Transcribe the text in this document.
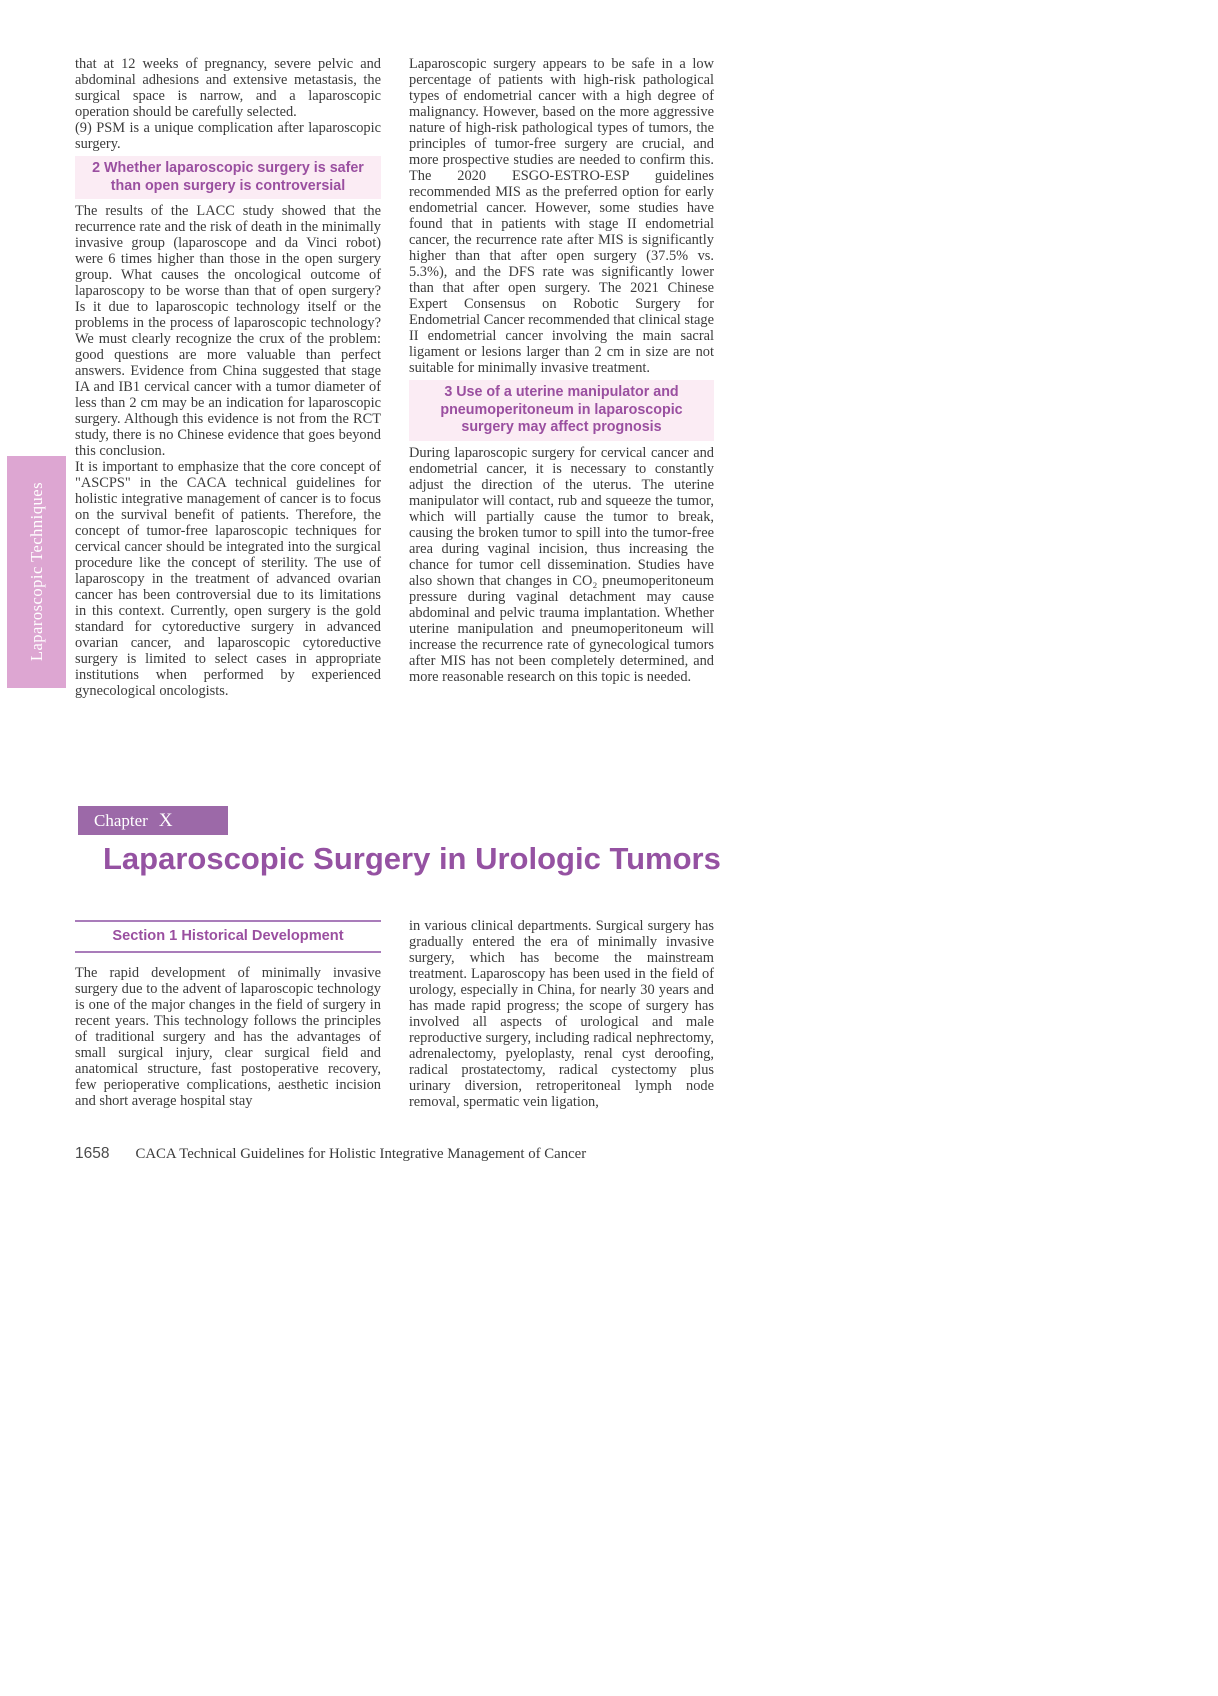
Laparoscopic Techniques

that at 12 weeks of pregnancy, severe pelvic and abdominal adhesions and extensive metastasis, the surgical space is narrow, and a laparoscopic operation should be carefully selected.

(9) PSM is a unique complication after laparoscopic surgery.

2 Whether laparoscopic surgery is safer than open surgery is controversial

The results of the LACC study showed that the recurrence rate and the risk of death in the minimally invasive group (laparoscope and da Vinci robot) were 6 times higher than those in the open surgery group. What causes the oncological outcome of laparoscopy to be worse than that of open surgery? Is it due to laparoscopic technology itself or the problems in the process of laparoscopic technology? We must clearly recognize the crux of the problem: good questions are more valuable than perfect answers. Evidence from China suggested that stage IA and IB1 cervical cancer with a tumor diameter of less than 2 cm may be an indication for laparoscopic surgery. Although this evidence is not from the RCT study, there is no Chinese evidence that goes beyond this conclusion.

It is important to emphasize that the core concept of "ASCPS" in the CACA technical guidelines for holistic integrative management of cancer is to focus on the survival benefit of patients. Therefore, the concept of tumor-free laparoscopic techniques for cervical cancer should be integrated into the surgical procedure like the concept of sterility. The use of laparoscopy in the treatment of advanced ovarian cancer has been controversial due to its limitations in this context. Currently, open surgery is the gold standard for cytoreductive surgery in advanced ovarian cancer, and laparoscopic cytoreductive surgery is limited to select cases in appropriate institutions when performed by experienced gynecological oncologists.

Laparoscopic surgery appears to be safe in a low percentage of patients with high-risk pathological types of endometrial cancer with a high degree of malignancy. However, based on the more aggressive nature of high-risk pathological types of tumors, the principles of tumor-free surgery are crucial, and more prospective studies are needed to confirm this. The 2020 ESGO-ESTRO-ESP guidelines recommended MIS as the preferred option for early endometrial cancer. However, some studies have found that in patients with stage II endometrial cancer, the recurrence rate after MIS is significantly higher than that after open surgery (37.5% vs. 5.3%), and the DFS rate was significantly lower than that after open surgery. The 2021 Chinese Expert Consensus on Robotic Surgery for Endometrial Cancer recommended that clinical stage II endometrial cancer involving the main sacral ligament or lesions larger than 2 cm in size are not suitable for minimally invasive treatment.

3 Use of a uterine manipulator and pneumoperitoneum in laparoscopic surgery may affect prognosis

During laparoscopic surgery for cervical cancer and endometrial cancer, it is necessary to constantly adjust the direction of the uterus. The uterine manipulator will contact, rub and squeeze the tumor, which will partially cause the tumor to break, causing the broken tumor to spill into the tumor-free area during vaginal incision, thus increasing the chance for tumor cell dissemination. Studies have also shown that changes in CO₂ pneumoperitoneum pressure during vaginal detachment may cause abdominal and pelvic trauma implantation. Whether uterine manipulation and pneumoperitoneum will increase the recurrence rate of gynecological tumors after MIS has not been completely determined, and more reasonable research on this topic is needed.

Chapter X
Laparoscopic Surgery in Urologic Tumors
Section 1 Historical Development

The rapid development of minimally invasive surgery due to the advent of laparoscopic technology is one of the major changes in the field of surgery in recent years. This technology follows the principles of traditional surgery and has the advantages of small surgical injury, clear surgical field and anatomical structure, fast postoperative recovery, few perioperative complications, aesthetic incision and short average hospital stay

in various clinical departments. Surgical surgery has gradually entered the era of minimally invasive surgery, which has become the mainstream treatment. Laparoscopy has been used in the field of urology, especially in China, for nearly 30 years and has made rapid progress; the scope of surgery has involved all aspects of urological and male reproductive surgery, including radical nephrectomy, adrenalectomy, pyeloplasty, renal cyst deroofing, radical prostatectomy, radical cystectomy plus urinary diversion, retroperitoneal lymph node removal, spermatic vein ligation,

1658 CACA Technical Guidelines for Holistic Integrative Management of Cancer
